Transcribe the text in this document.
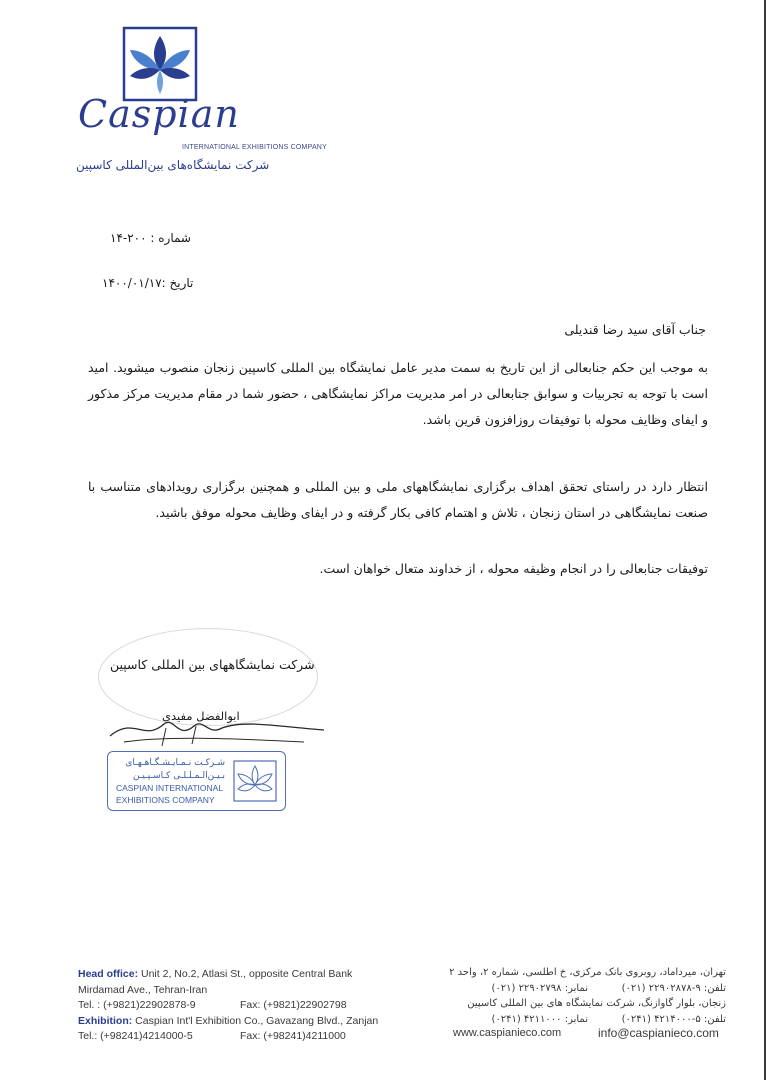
Caspian
INTERNATIONAL EXHIBITIONS COMPANY
شرکت نمایشگاه‌های بین‌المللی کاسپین
شماره : ۲۰۰-۱۴
تاریخ :۱۴۰۰/۰۱/۱۷
جناب آقای سید رضا قندیلی
به موجب این حکم جنابعالی از این تاریخ به سمت مدیر عامل نمایشگاه بین المللی کاسپین زنجان منصوب میشوید. امید است با توجه به تجربیات و سوابق جنابعالی در امر مدیریت مراکز نمایشگاهی ، حضور شما در مقام مدیریت مرکز مذکور و ایفای وظایف محوله با توفیقات روزافزون قرین باشد.
انتظار دارد در راستای تحقق اهداف برگزاری نمایشگاههای ملی و بین المللی و همچنین برگزاری رویدادهای متناسب با صنعت نمایشگاهی در استان زنجان ، تلاش و اهتمام کافی بکار گرفته و در ایفای وظایف محوله موفق باشید.
توفیقات جنابعالی را در انجام وظیفه محوله ، از خداوند متعال خواهان است.
شرکت نمایشگاههای بین المللی کاسپین
ابوالفضل مفیدی
شـرکـت نـمـایـشـگـاهـهـای
بـیـن‌الـمـلـلـی کـاسـپـیـن
CASPIAN INTERNATIONAL
EXHIBITIONS COMPANY
Head office: Unit 2, No.2, Atlasi St., opposite Central Bank
Mirdamad Ave., Tehran-Iran
Tel. : (+9821)22902878-9	Fax: (+9821)22902798
Exhibition: Caspian Int'l Exhibition Co., Gavazang Blvd., Zanjan
Tel.: (+98241)4214000-5	Fax: (+98241)4211000
تهران، میرداماد، روبروی بانک مرکزی، خ اطلسی، شماره ۲، واحد ۲
تلفن: ۹-۲۲۹۰۲۸۷۸ (۰۲۱)
نمابر: ۲۲۹۰۲۷۹۸ (۰۲۱)
زنجان، بلوار گاوازنگ، شرکت نمایشگاه های بین المللی کاسپین
تلفن: ۵-۴۲۱۴۰۰۰ (۰۲۴۱)
نمابر: ۴۲۱۱۰۰۰ (۰۲۴۱)
www.caspianieco.com	info@caspianieco.com
